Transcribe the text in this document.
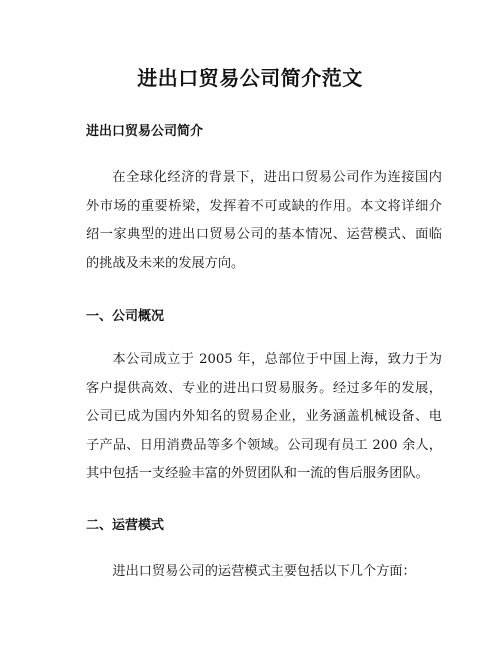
进出口贸易公司简介范文
进出口贸易公司简介
在全球化经济的背景下，进出口贸易公司作为连接国内外市场的重要桥梁，发挥着不可或缺的作用。本文将详细介绍一家典型的进出口贸易公司的基本情况、运营模式、面临的挑战及未来的发展方向。
一、公司概况
本公司成立于 2005 年，总部位于中国上海，致力于为客户提供高效、专业的进出口贸易服务。经过多年的发展，公司已成为国内外知名的贸易企业，业务涵盖机械设备、电子产品、日用消费品等多个领域。公司现有员工 200 余人，其中包括一支经验丰富的外贸团队和一流的售后服务团队。
二、运营模式
进出口贸易公司的运营模式主要包括以下几个方面：
